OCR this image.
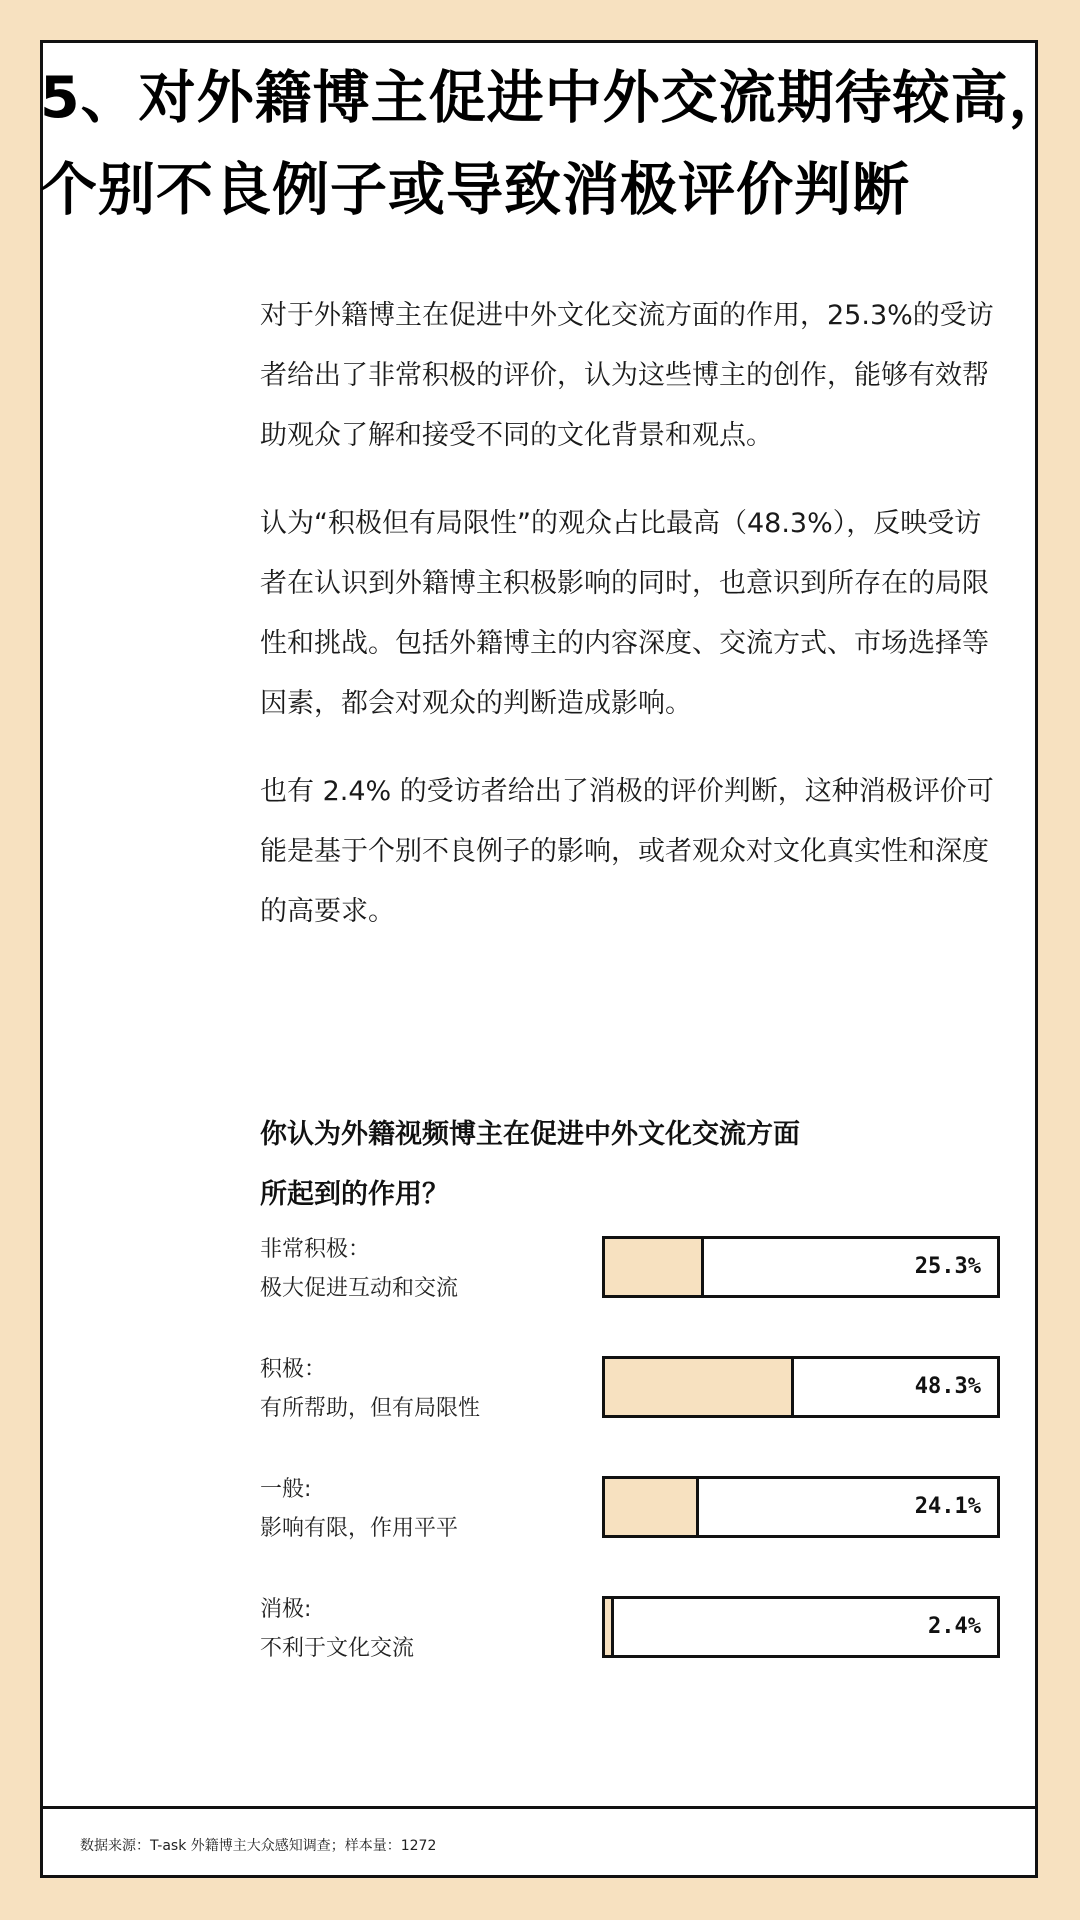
5、对外籍博主促进中外交流期待较高，
个别不良例子或导致消极评价判断

对于外籍博主在促进中外文化交流方面的作用，25.3%的受访者给出了非常积极的评价，认为这些博主的创作，能够有效帮助观众了解和接受不同的文化背景和观点。

认为“积极但有局限性”的观众占比最高（48.3%），反映受访者在认识到外籍博主积极影响的同时，也意识到所存在的局限性和挑战。包括外籍博主的内容深度、交流方式、市场选择等因素，都会对观众的判断造成影响。

也有 2.4% 的受访者给出了消极的评价判断，这种消极评价可能是基于个别不良例子的影响，或者观众对文化真实性和深度的高要求。

你认为外籍视频博主在促进中外文化交流方面
所起到的作用？
非常积极：
极大促进互动和交流
25.3%
积极：
有所帮助，但有局限性
48.3%
一般:
影响有限，作用平平
24.1%
消极:
不利于文化交流
2.4%
数据来源：T-ask 外籍博主大众感知调查；样本量：1272
